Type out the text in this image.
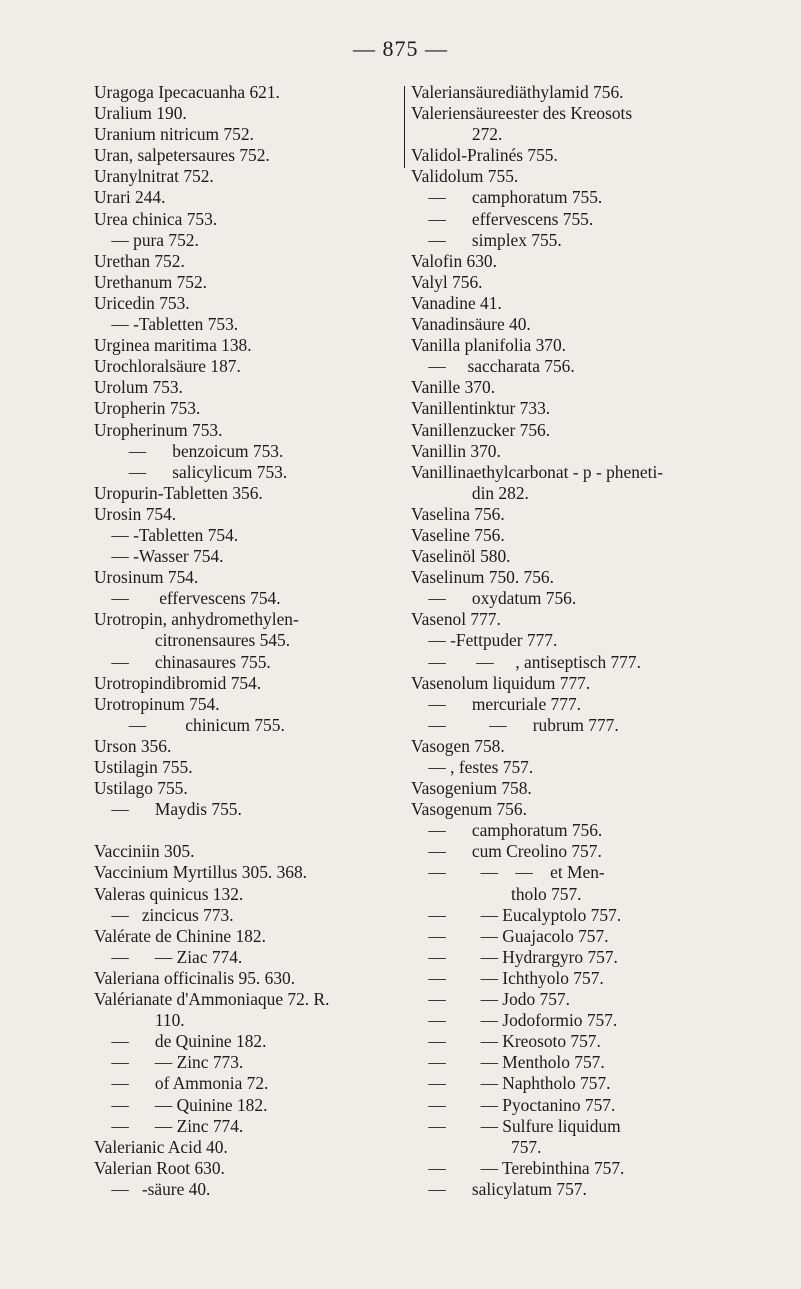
— 875 —
Uragoga Ipecacuanha 621.
Uralium 190.
Uranium nitricum 752.
Uran, salpetersaures 752.
Uranylnitrat 752.
Urari 244.
Urea chinica 753.
— pura 752.
Urethan 752.
Urethanum 752.
Uricedin 753.
— -Tabletten 753.
Urginea maritima 138.
Urochloralsäure 187.
Urolum 753.
Uropherin 753.
Uropherinum 753.
—      benzoicum 753.
—      salicylicum 753.
Uropurin-Tabletten 356.
Urosin 754.
— -Tabletten 754.
— -Wasser 754.
Urosinum 754.
—       effervescens 754.
Urotropin, anhydromethylen-
citronensaures 545.
—      chinasaures 755.
Urotropindibromid 754.
Urotropinum 754.
—         chinicum 755.
Urson 356.
Ustilagin 755.
Ustilago 755.
—      Maydis 755.
Vacciniin 305.
Vaccinium Myrtillus 305. 368.
Valeras quinicus 132.
—   zincicus 773.
Valérate de Chinine 182.
—      — Ziac 774.
Valeriana officinalis 95. 630.
Valérianate d'Ammoniaque 72. R.
110.
—      de Quinine 182.
—      — Zinc 773.
—      of Ammonia 72.
—      — Quinine 182.
—      — Zinc 774.
Valerianic Acid 40.
Valerian Root 630.
—   -säure 40.
Valeriansäurediäthylamid 756.
Valeriensäureester des Kreosots
272.
Validol-Pralinés 755.
Validolum 755.
—      camphoratum 755.
—      effervescens 755.
—      simplex 755.
Valofin 630.
Valyl 756.
Vanadine 41.
Vanadinsäure 40.
Vanilla planifolia 370.
—     saccharata 756.
Vanille 370.
Vanillentinktur 733.
Vanillenzucker 756.
Vanillin 370.
Vanillinaethylcarbonat - p - pheneti-
din 282.
Vaselina 756.
Vaseline 756.
Vaselinöl 580.
Vaselinum 750. 756.
—      oxydatum 756.
Vasenol 777.
— -Fettpuder 777.
—       —     , antiseptisch 777.
Vasenolum liquidum 777.
—      mercuriale 777.
—          —      rubrum 777.
Vasogen 758.
— , festes 757.
Vasogenium 758.
Vasogenum 756.
—      camphoratum 756.
—      cum Creolino 757.
—        —    —    et Men-
tholo 757.
—        — Eucalyptolo 757.
—        — Guajacolo 757.
—        — Hydrargyro 757.
—        — Ichthyolo 757.
—        — Jodo 757.
—        — Jodoformio 757.
—        — Kreosoto 757.
—        — Mentholo 757.
—        — Naphtholo 757.
—        — Pyoctanino 757.
—        — Sulfure liquidum
757.
—        — Terebinthina 757.
—      salicylatum 757.
